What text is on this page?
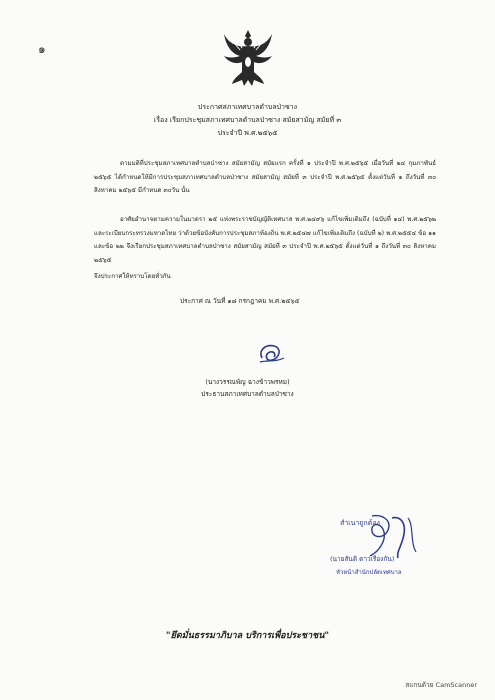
๑
ประกาศสภาเทศบาลตำบลป่าซาง
เรื่อง เรียกประชุมสภาเทศบาลตำบลป่าซาง สมัยสามัญ สมัยที่ ๓
ประจำปี พ.ศ.๒๕๖๕

ตามมติที่ประชุมสภาเทศบาลตำบลป่าซาง สมัยสามัญ สมัยแรก ครั้งที่ ๑ ประจำปี พ.ศ.๒๕๖๕ เมื่อวันที่ ๒๔ กุมภาพันธ์ ๒๕๖๕ ได้กำหนดให้มีการประชุมสภาเทศบาลตำบลป่าซาง สมัยสามัญ สมัยที่ ๓ ประจำปี พ.ศ.๒๕๖๕ ตั้งแต่วันที่ ๑ ถึงวันที่ ๓๐ สิงหาคม ๒๕๖๕ มีกำหนด ๓๐วัน นั้น

อาศัยอำนาจตามความในมาตรา ๒๕ แห่งพระราชบัญญัติเทศบาล พ.ศ.๒๔๙๖ แก้ไขเพิ่มเติมถึง (ฉบับที่ ๑๔) พ.ศ.๒๕๖๒ และระเบียบกระทรวงมหาดไทย ว่าด้วยข้อบังคับการประชุมสภาท้องถิ่น พ.ศ.๒๕๔๗ แก้ไขเพิ่มเติมถึง (ฉบับที่ ๒) พ.ศ.๒๕๕๔ ข้อ ๑๑ และข้อ ๒๒ จึงเรียกประชุมสภาเทศบาลตำบลป่าซาง สมัยสามัญ สมัยที่ ๓ ประจำปี พ.ศ.๒๕๖๕ ตั้งแต่วันที่ ๑ ถึงวันที่ ๓๐ สิงหาคม ๒๕๖๕

จึงประกาศให้ทราบโดยทั่วกัน

ประกาศ ณ วันที่ ๑๘ กรกฎาคม พ.ศ.๒๕๖๕
(นางวรรณพัญ ฉางข้าวพรหม)
ประธานสภาเทศบาลตำบลป่าซาง
สำเนาถูกต้อง
(นายสันติ ดาวเรืองกัน)
หัวหน้าสำนักปลัดเทศบาล
"ยึดมั่นธรรมาภิบาล บริการเพื่อประชาชน"
สแกนด้วย CamScanner
